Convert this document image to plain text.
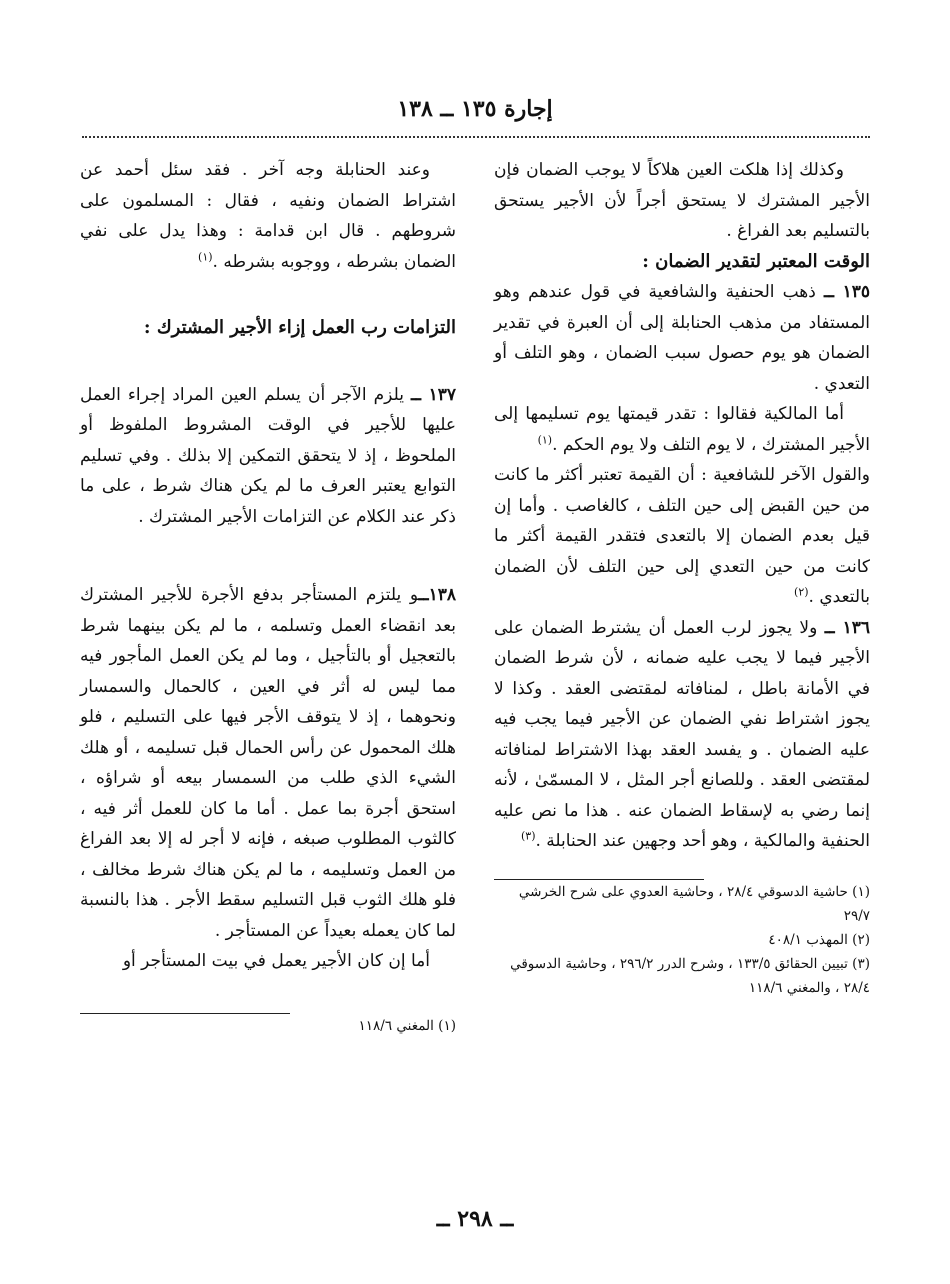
إجارة ١٣٥ ــ ١٣٨

وكذلك إذا هلكت العين هلاكاً لا يوجب الضمان فإن الأجير المشترك لا يستحق أجراً لأن الأجير يستحق بالتسليم بعد الفراغ .

الوقت المعتبر لتقدير الضمان :

١٣٥ ــ ذهب الحنفية والشافعية في قول عندهم وهو المستفاد من مذهب الحنابلة إلى أن العبرة في تقدير الضمان هو يوم حصول سبب الضمان ، وهو التلف أو التعدي .

أما المالكية فقالوا : تقدر قيمتها يوم تسليمها إلى الأجير المشترك ، لا يوم التلف ولا يوم الحكم .$^{(١)}$

والقول الآخر للشافعية : أن القيمة تعتبر أكثر ما كانت من حين القبض إلى حين التلف ، كالغاصب . وأما إن قيل بعدم الضمان إلا بالتعدى فتقدر القيمة أكثر ما كانت من حين التعدي إلى حين التلف لأن الضمان بالتعدي .$^{(٢)}$

١٣٦ ــ ولا يجوز لرب العمل أن يشترط الضمان على الأجير فيما لا يجب عليه ضمانه ، لأن شرط الضمان في الأمانة باطل ، لمنافاته لمقتضى العقد . وكذا لا يجوز اشتراط نفي الضمان عن الأجير فيما يجب فيه عليه الضمان . و يفسد العقد بهذا الاشتراط لمنافاته لمقتضى العقد . وللصانع أجر المثل ، لا المسمّىٰ ، لأنه إنما رضي به لإسقاط الضمان عنه . هذا ما نص عليه الحنفية والمالكية ، وهو أحد وجهين عند الحنابلة .$^{(٣)}$

(١) حاشية الدسوقي ٢٨/٤ ، وحاشية العدوي على شرح الخرشي ٢٩/٧
(٢) المهذب ٤٠٨/١
(٣) تبيين الحقائق ١٣٣/٥ ، وشرح الدرر ٢٩٦/٢ ، وحاشية الدسوقي ٢٨/٤ ، والمغني ١١٨/٦

وعند الحنابلة وجه آخر . فقد سئل أحمد عن اشتراط الضمان ونفيه ، فقال : المسلمون على شروطهم . قال ابن قدامة : وهذا يدل على نفي الضمان بشرطه ، ووجوبه بشرطه .$^{(١)}$

التزامات رب العمل إزاء الأجير المشترك :

١٣٧ ــ يلزم الآجر أن يسلم العين المراد إجراء العمل عليها للأجير في الوقت المشروط الملفوظ أو الملحوظ ، إذ لا يتحقق التمكين إلا بذلك . وفي تسليم التوابع يعتبر العرف ما لم يكن هناك شرط ، على ما ذكر عند الكلام عن التزامات الأجير المشترك .

١٣٨ــو يلتزم المستأجر بدفع الأجرة للأجير المشترك بعد انقضاء العمل وتسلمه ، ما لم يكن بينهما شرط بالتعجيل أو بالتأجيل ، وما لم يكن العمل المأجور فيه مما ليس له أثر في العين ، كالحمال والسمسار ونحوهما ، إذ لا يتوقف الأجر فيها على التسليم ، فلو هلك المحمول عن رأس الحمال قبل تسليمه ، أو هلك الشيء الذي طلب من السمسار بيعه أو شراؤه ، استحق أجرة بما عمل . أما ما كان للعمل أثر فيه ، كالثوب المطلوب صبغه ، فإنه لا أجر له إلا بعد الفراغ من العمل وتسليمه ، ما لم يكن هناك شرط مخالف ، فلو هلك الثوب قبل التسليم سقط الأجر . هذا بالنسبة لما كان يعمله بعيداً عن المستأجر .

أما إن كان الأجير يعمل في بيت المستأجر أو

(١) المغني ١١٨/٦
ــ ٢٩٨ ــ
